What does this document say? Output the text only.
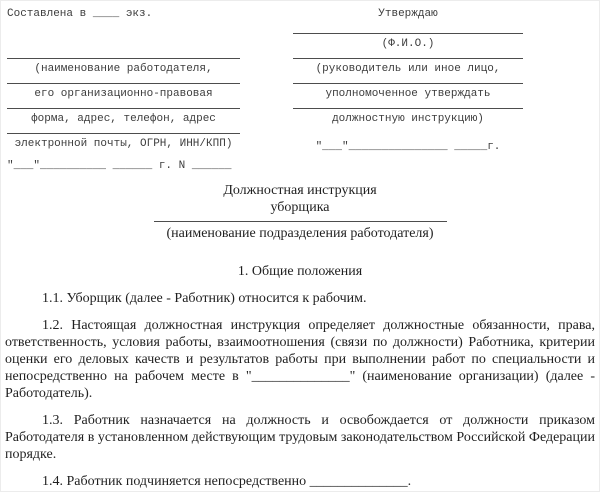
Составлена в ____ экз.
(наименование работодателя,
его организационно-правовая
форма, адрес, телефон, адрес
электронной почты, ОГРН, ИНН/КПП)
"___"__________ ______ г. N ______
Утверждаю
(Ф.И.О.)
(руководитель или иное лицо,
уполномоченное утверждать
должностную инструкцию)
"___"_______________ _____г.
Должностная инструкция
уборщика
(наименование подразделения работодателя)
1. Общие положения

1.1. Уборщик (далее - Работник) относится к рабочим.

1.2. Настоящая должностная инструкция определяет должностные обязанности, права, ответственность, условия работы, взаимоотношения (связи по должности) Работника, критерии оценки его деловых качеств и результатов работы при выполнении работ по специальности и непосредственно на рабочем месте в "______________" (наименование организации) (далее - Работодатель).

1.3. Работник назначается на должность и освобождается от должности приказом Работодателя в установленном действующим трудовым законодательством Российской Федерации порядке.

1.4. Работник подчиняется непосредственно ______________.
